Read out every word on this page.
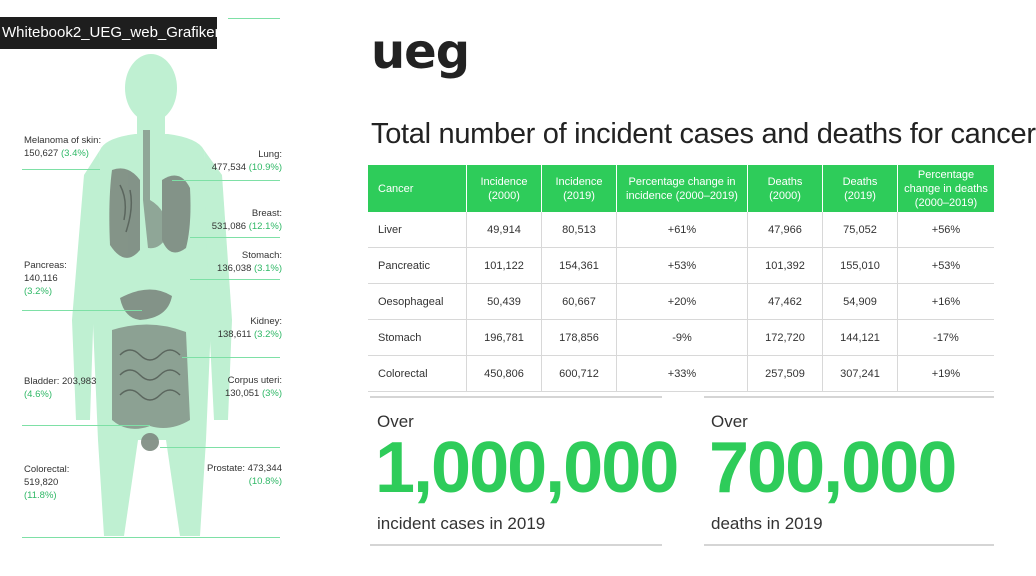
Whitebook2_UEG_web_Grafiken.jpg
Melanoma of skin:
150,627 (3.4%)	Lung:
477,534 (10.9%)
Breast:
531,086 (12.1%)
Stomach:
136,038 (3.1%)
Pancreas:
140,116
(3.2%)
Kidney:
138,611 (3.2%)
Bladder: 203,983
(4.6%)
Corpus uteri:
130,051 (3%)
Colorectal:
519,820
(11.8%)
Prostate: 473,344
(10.8%)
ueg
Total number of incident cases and deaths for cancer
Cancer	Incidence (2000)	Incidence (2019)	Percentage change in incidence (2000–2019)	Deaths (2000)	Deaths (2019)	Percentage change in deaths (2000–2019)
Liver	49,914	80,513	+61%	47,966	75,052	+56%
Pancreatic	101,122	154,361	+53%	101,392	155,010	+53%
Oesophageal	50,439	60,667	+20%	47,462	54,909	+16%
Stomach	196,781	178,856	-9%	172,720	144,121	-17%
Colorectal	450,806	600,712	+33%	257,509	307,241	+19%
Over
1,000,000
incident cases in 2019
Over
700,000
deaths in 2019
